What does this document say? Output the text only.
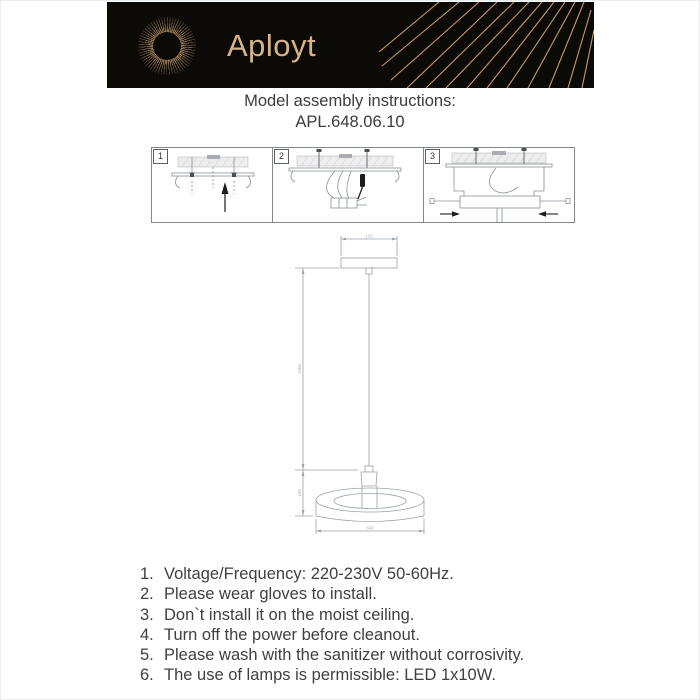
Aployt
Model assembly instructions:
APL.648.06.10
1	2	3
120
500
1000
160
1. Voltage/Frequency: 220-230V 50-60Hz.
2. Please wear gloves to install.
3. Don`t install it on the moist ceiling.
4. Turn off the power before cleanout.
5. Please wash with the sanitizer without corrosivity.
6. The use of lamps is permissible: LED 1x10W.
